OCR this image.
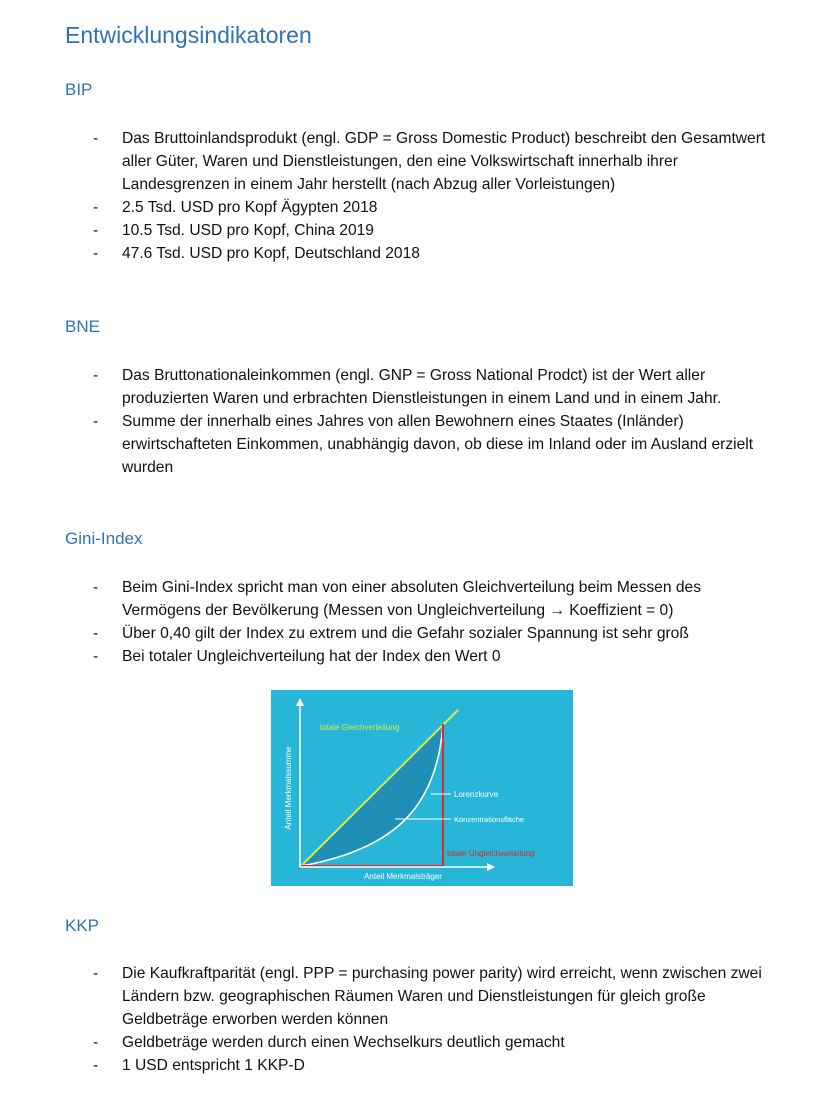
Entwicklungsindikatoren
BIP
- Das Bruttoinlandsprodukt (engl. GDP = Gross Domestic Product) beschreibt den Gesamtwert aller Güter, Waren und Dienstleistungen, den eine Volkswirtschaft innerhalb ihrer Landesgrenzen in einem Jahr herstellt (nach Abzug aller Vorleistungen)
- 2.5 Tsd. USD pro Kopf Ägypten 2018
- 10.5 Tsd. USD pro Kopf, China 2019
- 47.6 Tsd. USD pro Kopf, Deutschland 2018
BNE
- Das Bruttonationaleinkommen (engl. GNP = Gross National Prodct) ist der Wert aller produzierten Waren und erbrachten Dienstleistungen in einem Land und in einem Jahr.
- Summe der innerhalb eines Jahres von allen Bewohnern eines Staates (Inländer) erwirtschafteten Einkommen, unabhängig davon, ob diese im Inland oder im Ausland erzielt wurden
Gini-Index
- Beim Gini-Index spricht man von einer absoluten Gleichverteilung beim Messen des Vermögens der Bevölkerung (Messen von Ungleichverteilung → Koeffizient = 0)
- Über 0,40 gilt der Index zu extrem und die Gefahr sozialer Spannung ist sehr groß
- Bei totaler Ungleichverteilung hat der Index den Wert 0
totale Gleichverteilung
Lorenzkurve
Konzentrationsfläche
totale Ungleichverteilung
Anteil Merkmalsträger
Anteil Merkmalssumme
KKP
- Die Kaufkraftparität (engl. PPP = purchasing power parity) wird erreicht, wenn zwischen zwei Ländern bzw. geographischen Räumen Waren und Dienstleistungen für gleich große Geldbeträge erworben werden können
- Geldbeträge werden durch einen Wechselkurs deutlich gemacht
- 1 USD entspricht 1 KKP-D
